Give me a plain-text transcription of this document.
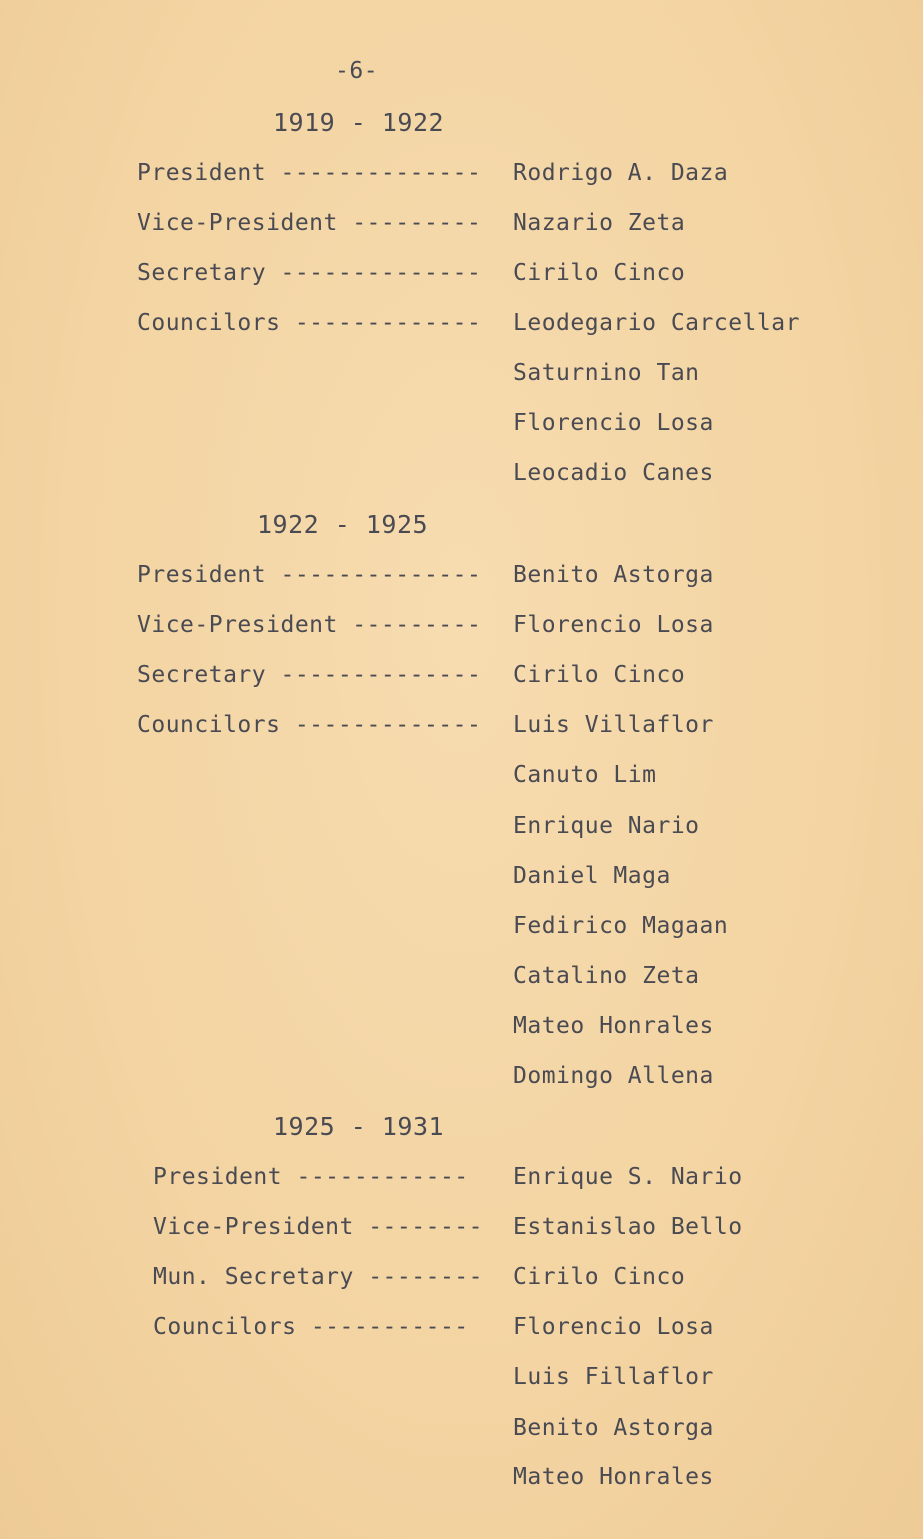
-6-
1919 - 1922
President -------------- Rodrigo A. Daza
Vice-President --------- Nazario Zeta
Secretary -------------- Cirilo Cinco
Councilors ------------- Leodegario Carcellar
Saturnino Tan
Florencio Losa
Leocadio Canes
1922 - 1925
President -------------- Benito Astorga
Vice-President --------- Florencio Losa
Secretary -------------- Cirilo Cinco
Councilors ------------- Luis Villaflor
Canuto Lim
Enrique Nario
Daniel Maga
Fedirico Magaan
Catalino Zeta
Mateo Honrales
Domingo Allena
1925 - 1931
President ------------ Enrique S. Nario
Vice-President -------- Estanislao Bello
Mun. Secretary -------- Cirilo Cinco
Councilors ----------- Florencio Losa
Luis Fillaflor
Benito Astorga
Mateo Honrales
